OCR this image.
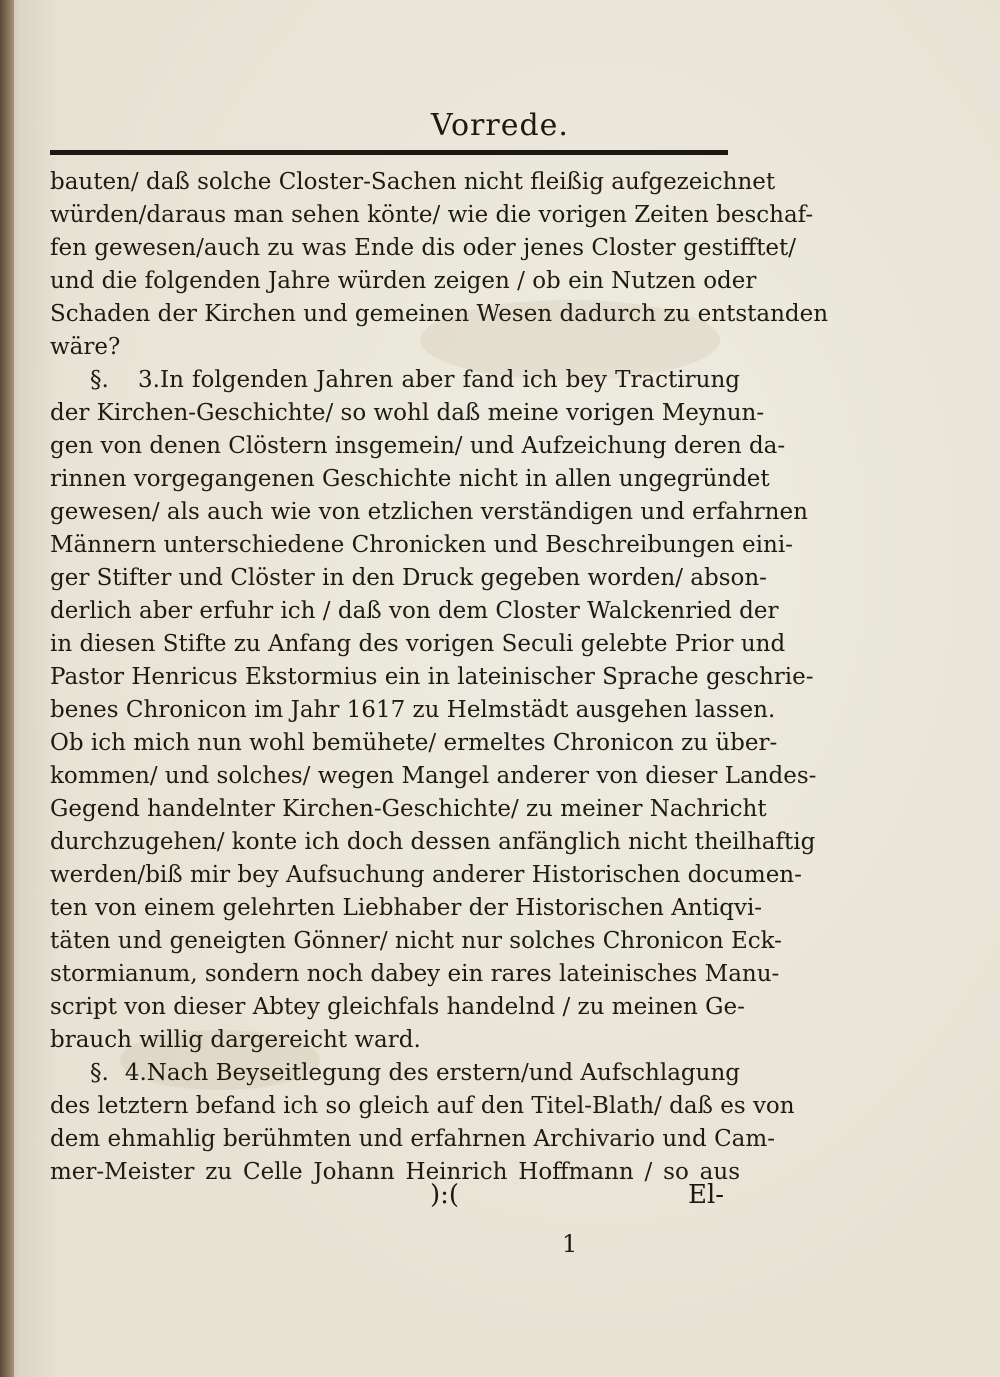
Vorrede.
bauten/ daß solche Closter-Sachen nicht fleißig aufgezeichnet
würden/daraus man sehen könte/ wie die vorigen Zeiten beschaf-
fen gewesen/auch zu was Ende dis oder jenes Closter gestifftet/
und die folgenden Jahre würden zeigen / ob ein Nutzen oder
Schaden der Kirchen und gemeinen Wesen dadurch zu entstanden
wäre?
§. 3. In folgenden Jahren aber fand ich bey Tractirung
der Kirchen-Geschichte/ so wohl daß meine vorigen Meynun-
gen von denen Clöstern insgemein/ und Aufzeichung deren da-
rinnen vorgegangenen Geschichte nicht in allen ungegründet
gewesen/ als auch wie von etzlichen verständigen und erfahrnen
Männern unterschiedene Chronicken und Beschreibungen eini-
ger Stifter und Clöster in den Druck gegeben worden/ abson-
derlich aber erfuhr ich / daß von dem Closter Walckenried der
in diesen Stifte zu Anfang des vorigen Seculi gelebte Prior und
Pastor Henricus Ekstormius ein in lateinischer Sprache geschrie-
benes Chronicon im Jahr 1617 zu Helmstädt ausgehen lassen.
Ob ich mich nun wohl bemühete/ ermeltes Chronicon zu über-
kommen/ und solches/ wegen Mangel anderer von dieser Landes-
Gegend handelnter Kirchen-Geschichte/ zu meiner Nachricht
durchzugehen/ konte ich doch dessen anfänglich nicht theilhaftig
werden/biß mir bey Aufsuchung anderer Historischen documen-
ten von einem gelehrten Liebhaber der Historischen Antiqvi-
täten und geneigten Gönner/ nicht nur solches Chronicon Eck-
stormianum, sondern noch dabey ein rares lateinisches Manu-
script von dieser Abtey gleichfals handelnd / zu meinen Ge-
brauch willig dargereicht ward.
§. 4. Nach Beyseitlegung des erstern/und Aufschlagung
des letztern befand ich so gleich auf den Titel-Blath/ daß es von
dem ehmahlig berühmten und erfahrnen Archivario und Cam-
mer-Meister zu Celle Johann Heinrich Hoffmann / so aus
):(	El-
1
